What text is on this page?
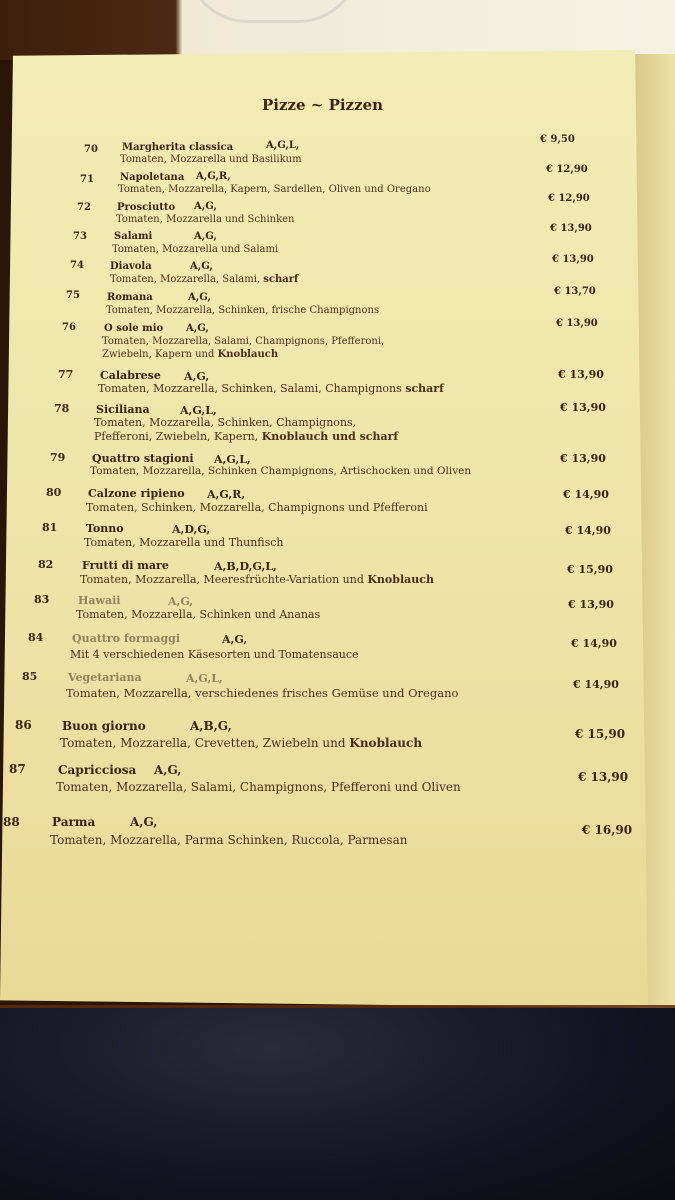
Pizze ~ Pizzen
70 Margherita classica	A,G,L,
Tomaten, Mozzarella und Basilikum
€ 9,50
71	Napoletana A,G,R,
Tomaten, Mozzarella, Kapern, Sardellen, Oliven und Oregano
€ 12,90
72	Prosciutto A,G,
Tomaten, Mozzarella und Schinken
€ 12,90
73	Salami	A,G,
Tomaten, Mozzarella und Salami
€ 13,90
74	Diavola	A,G,
Tomaten, Mozzarella, Salami, scharf
€ 13,90
75	Romana	A,G,
Tomaten, Mozzarella, Schinken, frische Champignons
€ 13,70
76	O sole mio A,G,
Tomaten, Mozzarella, Salami, Champignons, Pfefferoni,
Zwiebeln, Kapern und Knoblauch
€ 13,90
77 Calabrese A,G,
Tomaten, Mozzarella, Schinken, Salami, Champignons scharf
€ 13,90
78 Siciliana	A,G,L,
Tomaten, Mozzarella, Schinken, Champignons,
Pfefferoni, Zwiebeln, Kapern, Knoblauch und scharf
€ 13,90
79 Quattro stagioni A,G,L,
Tomaten, Mozzarella, Schinken Champignons, Artischocken und Oliven
€ 13,90
80 Calzone ripieno A,G,R,
Tomaten, Schinken, Mozzarella, Champignons und Pfefferoni
€ 14,90
81	Tonno	A,D,G,
Tomaten, Mozzarella und Thunfisch
€ 14,90
82	Frutti di mare	A,B,D,G,L,
Tomaten, Mozzarella, Meeresfrüchte-Variation und Knoblauch
€ 15,90
83	Hawaii	A,G,
Tomaten, Mozzarella, Schinken und Ananas
€ 13,90
84	Quattro formaggi	A,G,
Mit 4 verschiedenen Käsesorten und Tomatensauce
€ 14,90
85	Vegetariana	A,G,L,
Tomaten, Mozzarella, verschiedenes frisches Gemüse und Oregano
€ 14,90
86	Buon giorno	A,B,G,
Tomaten, Mozzarella, Crevetten, Zwiebeln und Knoblauch
€ 15,90
87	Capricciosa A,G,
Tomaten, Mozzarella, Salami, Champignons, Pfefferoni und Oliven
€ 13,90
88	Parma	A,G,
Tomaten, Mozzarella, Parma Schinken, Ruccola, Parmesan
€ 16,90
